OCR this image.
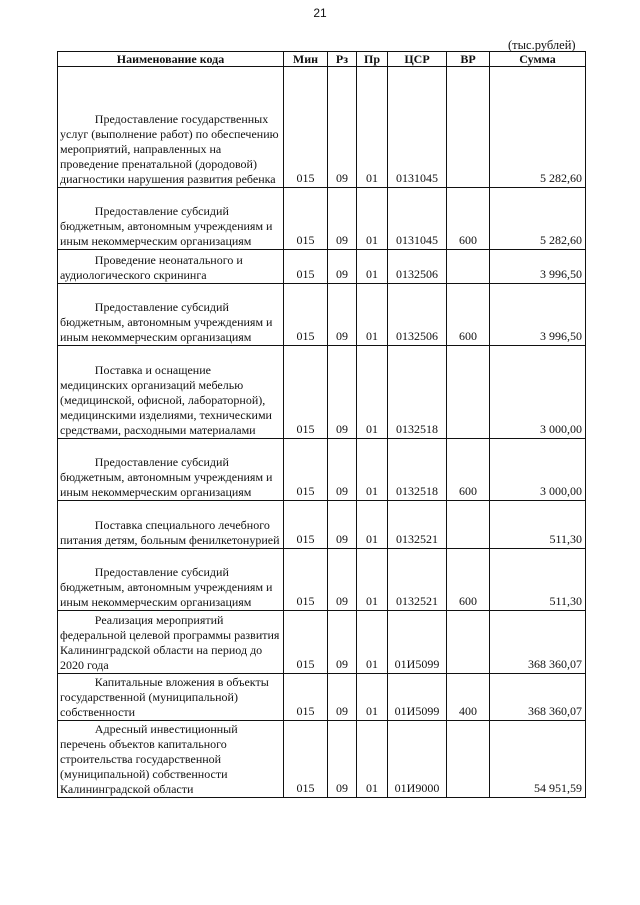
21
(тыс.рублей)
Наименование кода	Мин	Рз	Пр	ЦСР	ВР	Сумма

Предоставление государственных услуг (выполнение работ) по обеспечению мероприятий, направленных на проведение пренатальной (дородовой) диагностики нарушения развития ребенка	015	09	01	0131045		5 282,60

Предоставление субсидий бюджетным, автономным учреждениям и иным некоммерческим организациям	015	09	01	0131045	600	5 282,60

Проведение неонатального и аудиологического скрининга	015	09	01	0132506		3 996,50

Предоставление субсидий бюджетным, автономным учреждениям и иным некоммерческим организациям	015	09	01	0132506	600	3 996,50

Поставка и оснащение медицинских организаций мебелью (медицинской, офисной, лабораторной), медицинскими изделиями, техническими средствами, расходными материалами	015	09	01	0132518		3 000,00

Предоставление субсидий бюджетным, автономным учреждениям и иным некоммерческим организациям	015	09	01	0132518	600	3 000,00

Поставка специального лечебного питания детям, больным фенилкетонурией	015	09	01	0132521		511,30

Предоставление субсидий бюджетным, автономным учреждениям и иным некоммерческим организациям	015	09	01	0132521	600	511,30

Реализация мероприятий федеральной целевой программы развития Калининградской области на период до 2020 года	015	09	01	01И5099		368 360,07

Капитальные вложения в объекты государственной (муниципальной) собственности	015	09	01	01И5099	400	368 360,07

Адресный инвестиционный перечень объектов капитального строительства государственной (муниципальной) собственности Калининградской области	015	09	01	01И9000		54 951,59
